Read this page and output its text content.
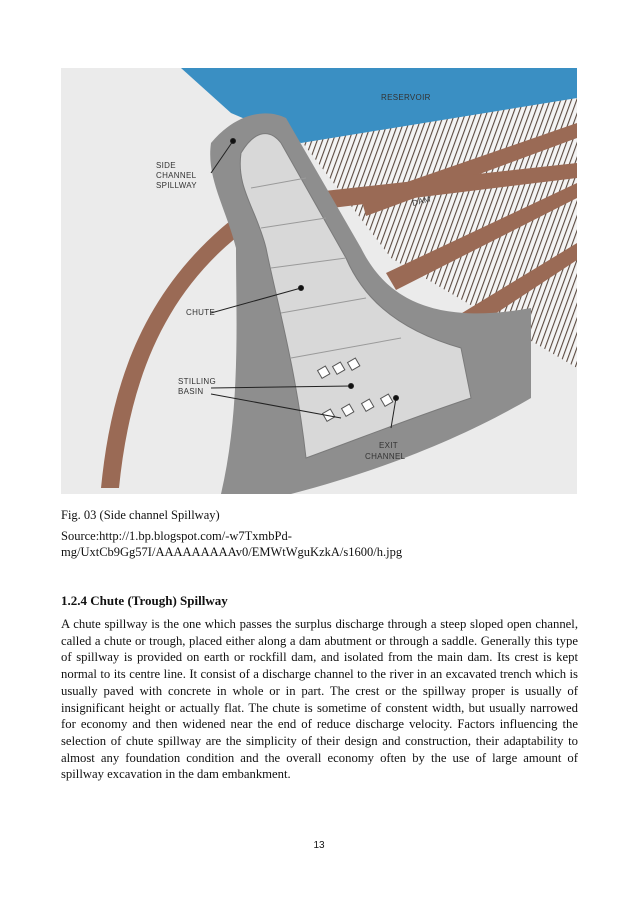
RESERVOIR
SIDE
CHANNEL
SPILLWAY
DAM
CHUTE
STILLING
BASIN
EXIT
CHANNEL
Fig. 03 (Side channel Spillway)
Source:http://1.bp.blogspot.com/-w7TxmbPd-
mg/UxtCb9Gg57I/AAAAAAAAAv0/EMWtWguKzkA/s1600/h.jpg
1.2.4 Chute (Trough) Spillway
A chute spillway is the one which passes the surplus discharge through a steep sloped open channel, called a chute or trough, placed either along a dam abutment or through a saddle. Generally this type of spillway is provided on earth or rockfill dam, and isolated from the main dam. Its crest is kept normal to its centre line. It consist of a discharge channel to the river in an excavated trench which is usually paved with concrete in whole or in part. The crest or the spillway proper is usually of insignificant height or actually flat. The chute is sometime of constent width, but usually narrowed for economy and then widened near the end of reduce discharge velocity. Factors influencing the selection of chute spillway are the simplicity of their design and construction, their adaptability to almost any foundation condition and the overall economy often by the use of large amount of spillway excavation in the dam embankment.
13
